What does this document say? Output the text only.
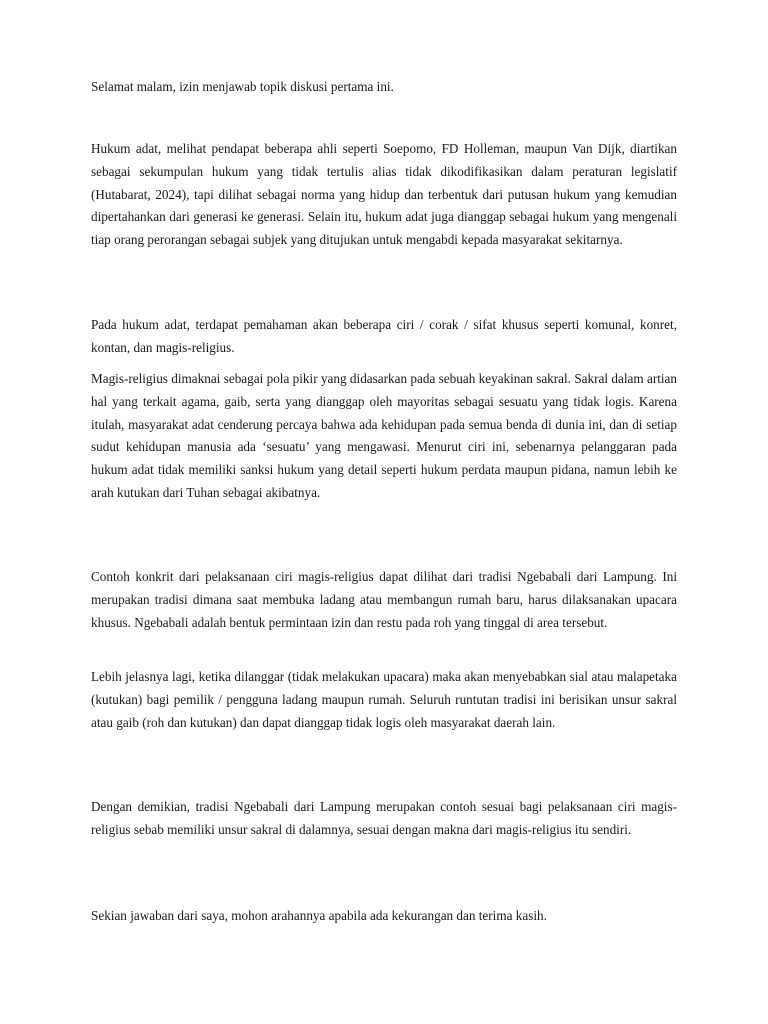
Selamat malam, izin menjawab topik diskusi pertama ini.

Hukum adat, melihat pendapat beberapa ahli seperti Soepomo, FD Holleman, maupun Van Dijk, diartikan sebagai sekumpulan hukum yang tidak tertulis alias tidak dikodifikasikan dalam peraturan legislatif (Hutabarat, 2024), tapi dilihat sebagai norma yang hidup dan terbentuk dari putusan hukum yang kemudian dipertahankan dari generasi ke generasi. Selain itu, hukum adat juga dianggap sebagai hukum yang mengenali tiap orang perorangan sebagai subjek yang ditujukan untuk mengabdi kepada masyarakat sekitarnya.

Pada hukum adat, terdapat pemahaman akan beberapa ciri / corak / sifat khusus seperti komunal, konret, kontan, dan magis-religius.

Magis-religius dimaknai sebagai pola pikir yang didasarkan pada sebuah keyakinan sakral. Sakral dalam artian hal yang terkait agama, gaib, serta yang dianggap oleh mayoritas sebagai sesuatu yang tidak logis. Karena itulah, masyarakat adat cenderung percaya bahwa ada kehidupan pada semua benda di dunia ini, dan di setiap sudut kehidupan manusia ada ‘sesuatu’ yang mengawasi. Menurut ciri ini, sebenarnya pelanggaran pada hukum adat tidak memiliki sanksi hukum yang detail seperti hukum perdata maupun pidana, namun lebih ke arah kutukan dari Tuhan sebagai akibatnya.

Contoh konkrit dari pelaksanaan ciri magis-religius dapat dilihat dari tradisi Ngebabali dari Lampung. Ini merupakan tradisi dimana saat membuka ladang atau membangun rumah baru, harus dilaksanakan upacara khusus. Ngebabali adalah bentuk permintaan izin dan restu pada roh yang tinggal di area tersebut.

Lebih jelasnya lagi, ketika dilanggar (tidak melakukan upacara) maka akan menyebabkan sial atau malapetaka (kutukan) bagi pemilik / pengguna ladang maupun rumah. Seluruh runtutan tradisi ini berisikan unsur sakral atau gaib (roh dan kutukan) dan dapat dianggap tidak logis oleh masyarakat daerah lain.

Dengan demikian, tradisi Ngebabali dari Lampung merupakan contoh sesuai bagi pelaksanaan ciri magis-religius sebab memiliki unsur sakral di dalamnya, sesuai dengan makna dari magis-religius itu sendiri.

Sekian jawaban dari saya, mohon arahannya apabila ada kekurangan dan terima kasih.
